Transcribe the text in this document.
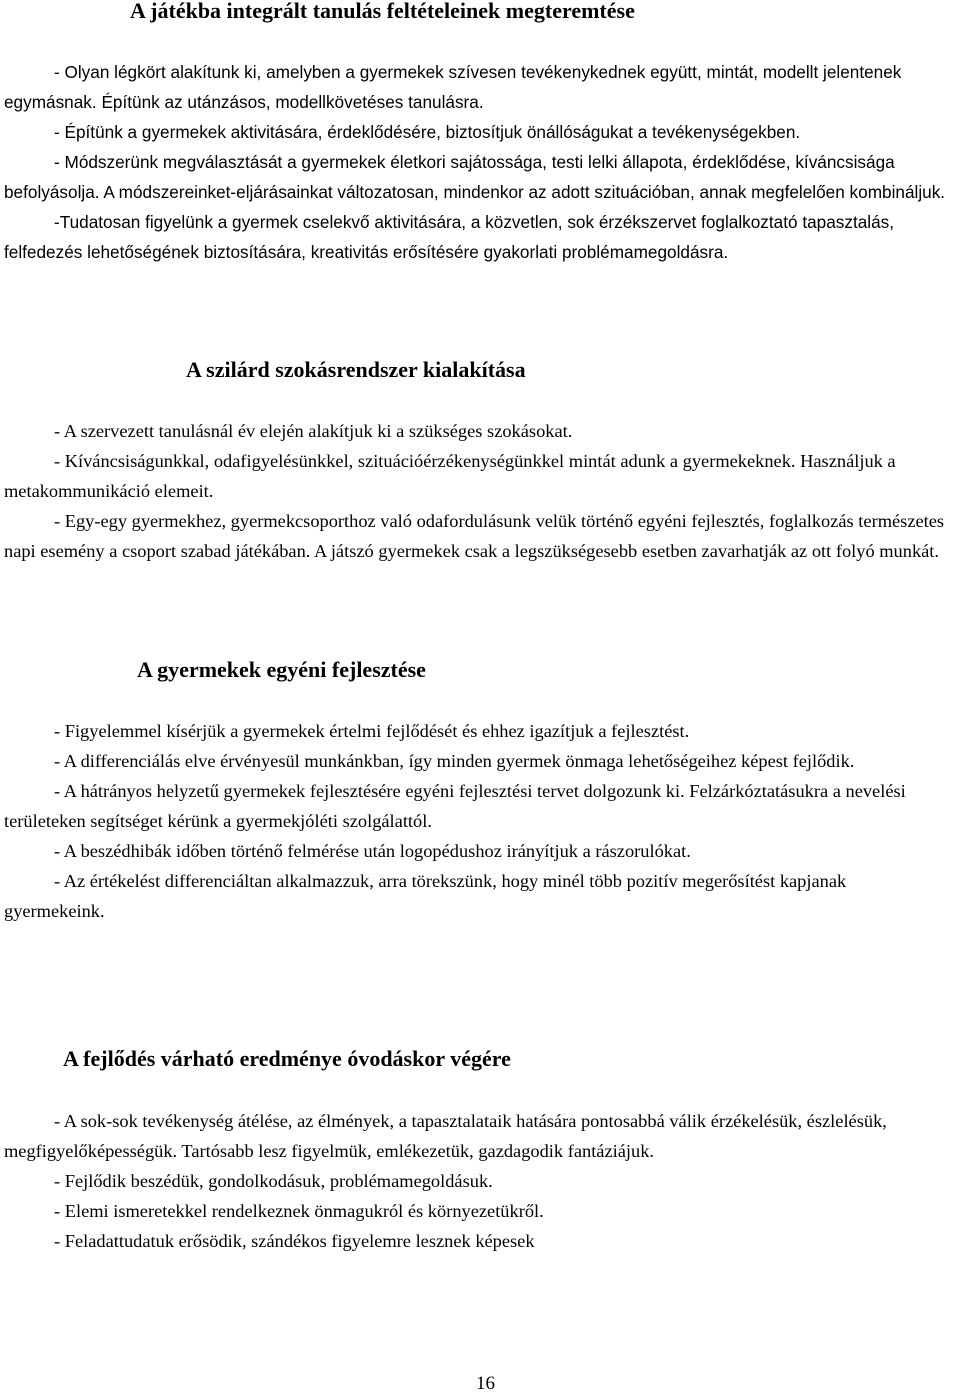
A játékba integrált tanulás feltételeinek megteremtése

- Olyan légkört alakítunk ki, amelyben a gyermekek szívesen tevékenykednek együtt, mintát, modellt jelentenek egymásnak. Építünk az utánzásos, modellkövetéses tanulásra.

- Építünk a gyermekek aktivitására, érdeklődésére, biztosítjuk önállóságukat a tevékenységekben.

- Módszerünk megválasztását a gyermekek életkori sajátossága, testi lelki állapota, érdeklődése, kíváncsisága befolyásolja. A módszereinket-eljárásainkat változatosan, mindenkor az adott szituációban, annak megfelelően kombináljuk.

-Tudatosan figyelünk a gyermek cselekvő aktivitására, a közvetlen, sok érzékszervet foglalkoztató tapasztalás, felfedezés lehetőségének biztosítására, kreativitás erősítésére gyakorlati problémamegoldásra.

A szilárd szokásrendszer kialakítása

- A szervezett tanulásnál év elején alakítjuk ki a szükséges szokásokat.

- Kíváncsiságunkkal, odafigyelésünkkel, szituációérzékenységünkkel mintát adunk a gyermekeknek. Használjuk a metakommunikáció elemeit.

- Egy-egy gyermekhez, gyermekcsoporthoz való odafordulásunk velük történő egyéni fejlesztés, foglalkozás természetes napi esemény a csoport szabad játékában. A játszó gyermekek csak a legszükségesebb esetben zavarhatják az ott folyó munkát.

A gyermekek egyéni fejlesztése

- Figyelemmel kísérjük a gyermekek értelmi fejlődését és ehhez igazítjuk a fejlesztést.

- A differenciálás elve érvényesül munkánkban, így minden gyermek önmaga lehetőségeihez képest fejlődik.

- A hátrányos helyzetű gyermekek fejlesztésére egyéni fejlesztési tervet dolgozunk ki. Felzárkóztatásukra a nevelési területeken segítséget kérünk a gyermekjóléti szolgálattól.

- A beszédhibák időben történő felmérése után logopédushoz irányítjuk a rászorulókat.

- Az értékelést differenciáltan alkalmazzuk, arra törekszünk, hogy minél több pozitív megerősítést kapjanak gyermekeink.

A fejlődés várható eredménye óvodáskor végére

- A sok-sok tevékenység átélése, az élmények, a tapasztalataik hatására pontosabbá válik érzékelésük, észlelésük, megfigyelőképességük. Tartósabb lesz figyelmük, emlékezetük, gazdagodik fantáziájuk.

- Fejlődik beszédük, gondolkodásuk, problémamegoldásuk.

- Elemi ismeretekkel rendelkeznek önmagukról és környezetükről.

- Feladattudatuk erősödik, szándékos figyelemre lesznek képesek

16
